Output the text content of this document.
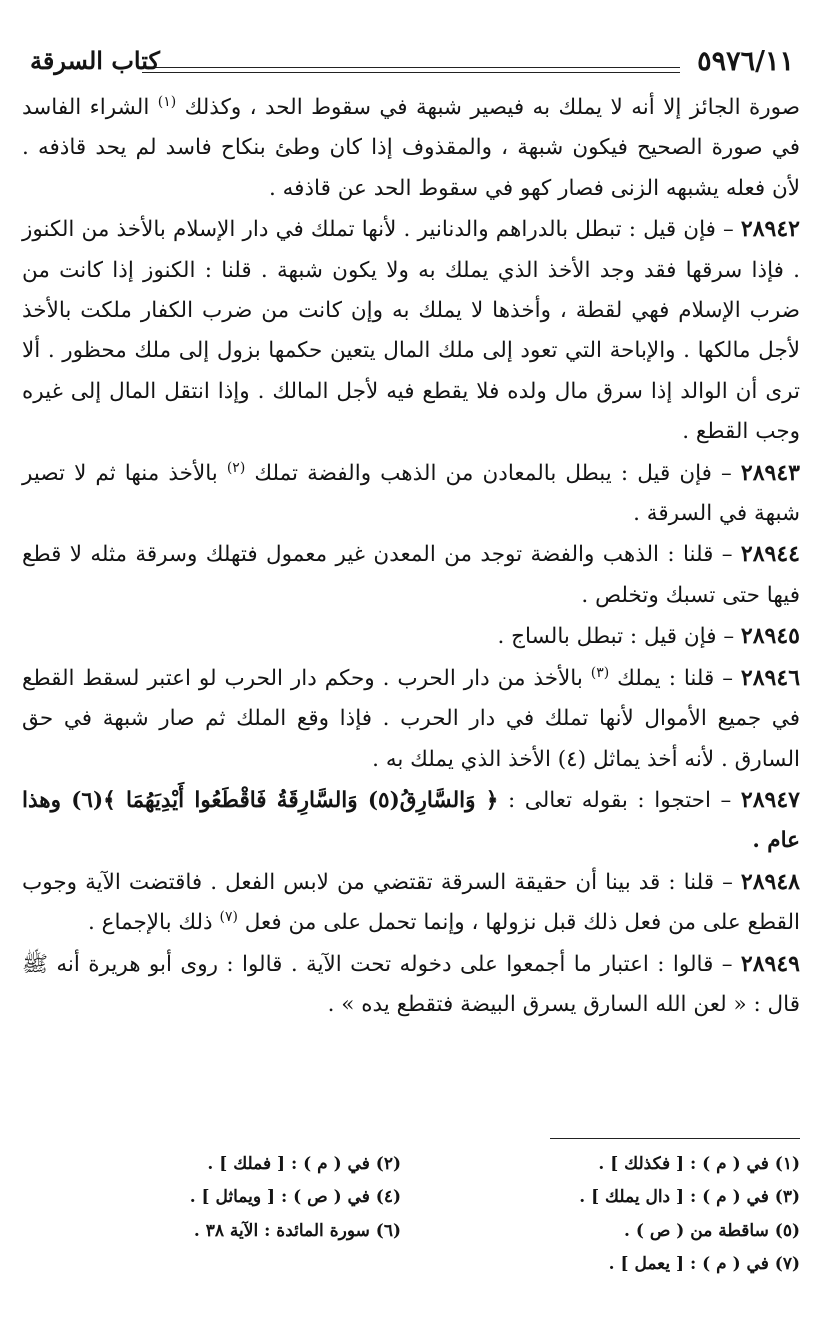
٥٩٧٦/١١
كتاب السرقة

صورة الجائز إلا أنه لا يملك به فيصير شبهة في سقوط الحد ، وكذلك $^{(١)}$ الشراء الفاسد في صورة الصحيح فيكون شبهة ، والمقذوف إذا كان وطئ بنكاح فاسد لم يحد قاذفه . لأن فعله يشبهه الزنى فصار كهو في سقوط الحد عن قاذفه .

٢٨٩٤٢ – فإن قيل : تبطل بالدراهم والدنانير . لأنها تملك في دار الإسلام بالأخذ من الكنوز . فإذا سرقها فقد وجد الأخذ الذي يملك به ولا يكون شبهة . قلنا : الكنوز إذا كانت من ضرب الإسلام فهي لقطة ، وأخذها لا يملك به وإن كانت من ضرب الكفار ملكت بالأخذ لأجل مالكها . والإباحة التي تعود إلى ملك المال يتعين حكمها بزول إلى ملك محظور . ألا ترى أن الوالد إذا سرق مال ولده فلا يقطع فيه لأجل المالك . وإذا انتقل المال إلى غيره وجب القطع .

٢٨٩٤٣ – فإن قيل : يبطل بالمعادن من الذهب والفضة تملك $^{(٢)}$ بالأخذ منها ثم لا تصير شبهة في السرقة .

٢٨٩٤٤ – قلنا : الذهب والفضة توجد من المعدن غير معمول فتهلك وسرقة مثله لا قطع فيها حتى تسبك وتخلص .

٢٨٩٤٥ – فإن قيل : تبطل بالساج .

٢٨٩٤٦ – قلنا : يملك $^{(٣)}$ بالأخذ من دار الحرب . وحكم دار الحرب لو اعتبر لسقط القطع في جميع الأموال لأنها تملك في دار الحرب . فإذا وقع الملك ثم صار شبهة في حق السارق . لأنه أخذ يماثل (٤) الأخذ الذي يملك به .

٢٨٩٤٧ – احتجوا : بقوله تعالى : ﴿ وَالسَّارِقُ(٥) وَالسَّارِقَةُ فَاقْطَعُوا أَيْدِيَهُمَا ﴾(٦) وهذا عام .

٢٨٩٤٨ – قلنا : قد بينا أن حقيقة السرقة تقتضي من لابس الفعل . فاقتضت الآية وجوب القطع على من فعل ذلك قبل نزولها ، وإنما تحمل على من فعل $^{(٧)}$ ذلك بالإجماع .

٢٨٩٤٩ – قالوا : اعتبار ما أجمعوا على دخوله تحت الآية . قالوا : روى أبو هريرة أنه ﷺ قال : « لعن الله السارق يسرق البيضة فتقطع يده » .

(١) في ( م ) : [ فكذلك ] .
(٢) في ( م ) : [ فملك ] .
(٣) في ( م ) : [ دال يملك ] .
(٤) في ( ص ) : [ ويماثل ] .
(٥) ساقطة من ( ص ) .
(٦) سورة المائدة : الآية ٣٨ .
(٧) في ( م ) : [ يعمل ] .
